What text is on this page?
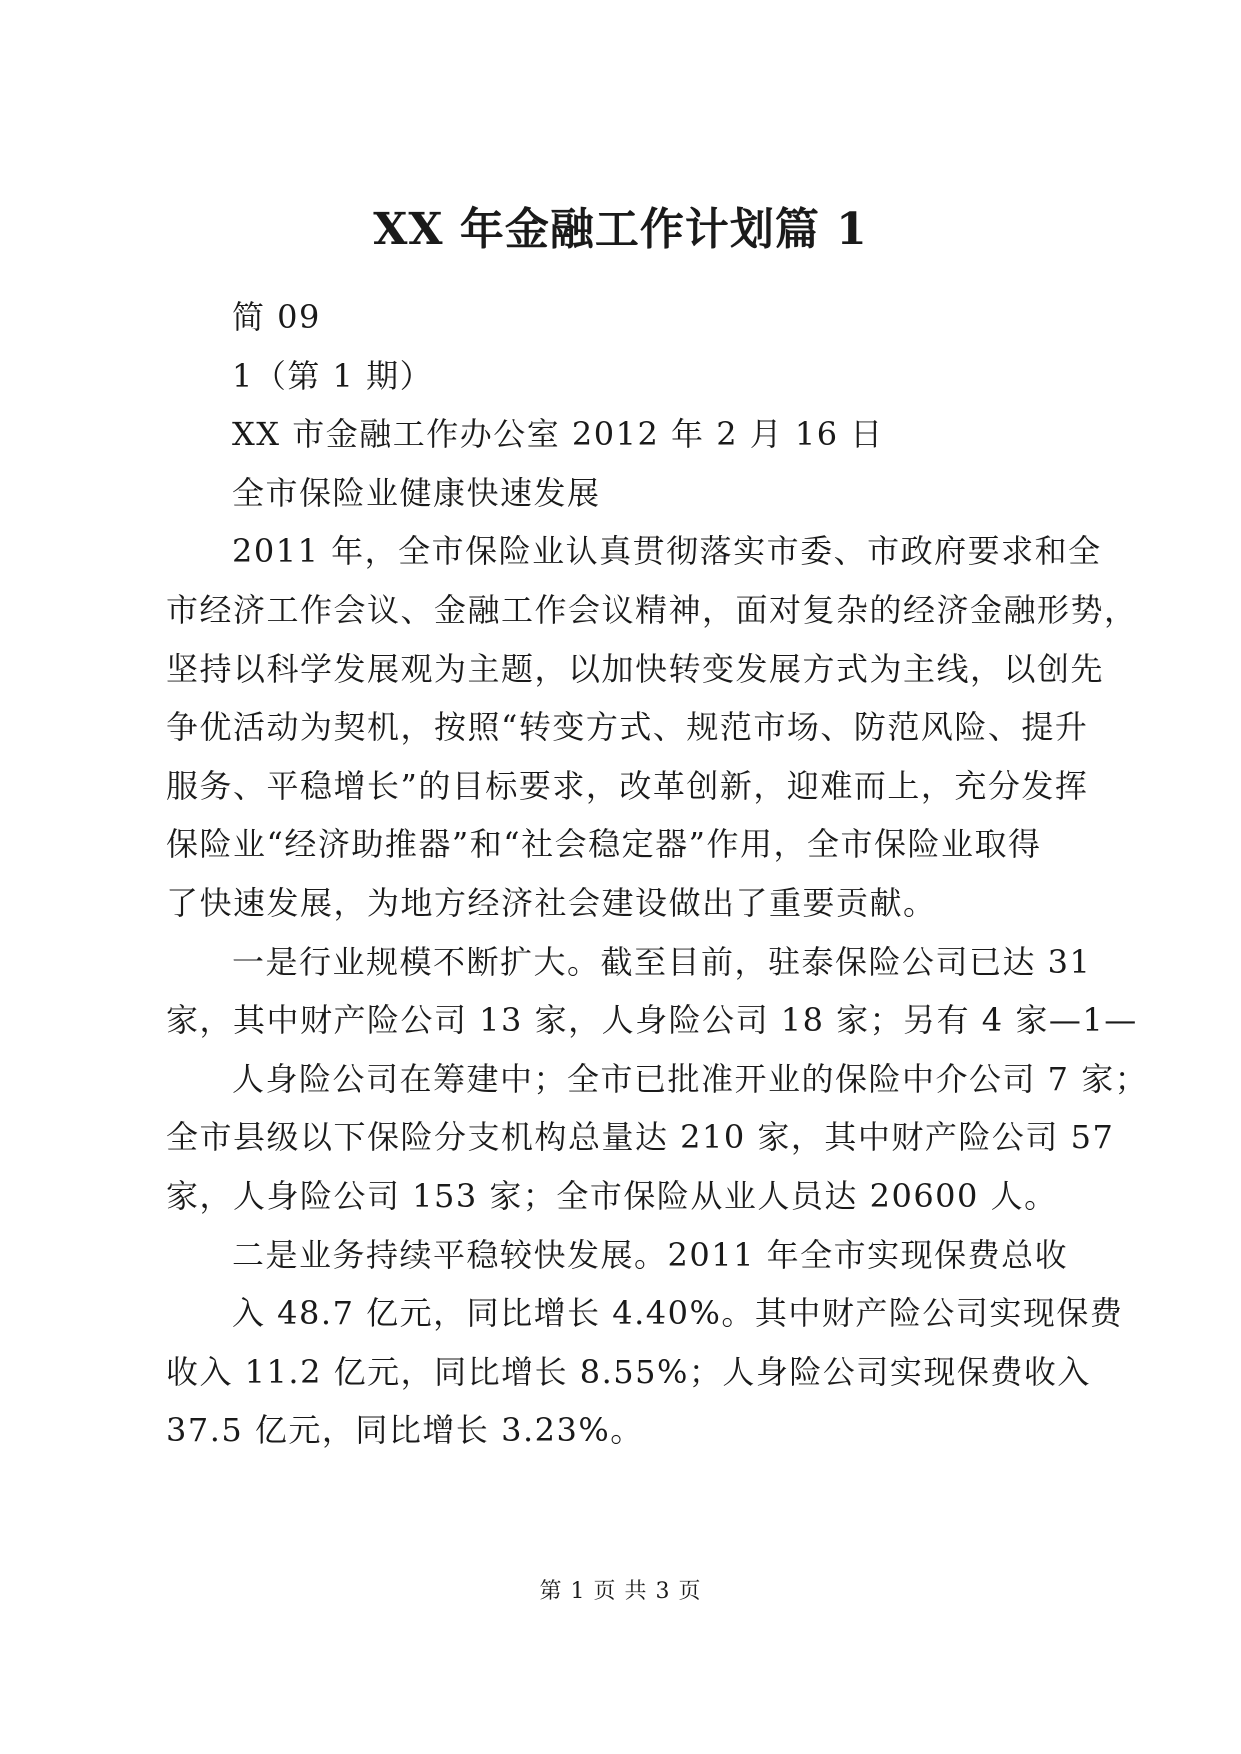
XX 年金融工作计划篇 1
简 09
1（第 1 期）
XX 市金融工作办公室 2012 年 2 月 16 日
全市保险业健康快速发展
2011 年，全市保险业认真贯彻落实市委、市政府要求和全
市经济工作会议、金融工作会议精神，面对复杂的经济金融形势，
坚持以科学发展观为主题，以加快转变发展方式为主线，以创先
争优活动为契机，按照“转变方式、规范市场、防范风险、提升
服务、平稳增长”的目标要求，改革创新，迎难而上，充分发挥
保险业“经济助推器”和“社会稳定器”作用，全市保险业取得
了快速发展，为地方经济社会建设做出了重要贡献。
一是行业规模不断扩大。截至目前，驻泰保险公司已达 31
家，其中财产险公司 13 家，人身险公司 18 家；另有 4 家—1—
人身险公司在筹建中；全市已批准开业的保险中介公司 7 家；
全市县级以下保险分支机构总量达 210 家，其中财产险公司 57
家，人身险公司 153 家；全市保险从业人员达 20600 人。
二是业务持续平稳较快发展。2011 年全市实现保费总收
入 48.7 亿元，同比增长 4.40%。其中财产险公司实现保费
收入 11.2 亿元，同比增长 8.55%；人身险公司实现保费收入
37.5 亿元，同比增长 3.23%。
第 1 页 共 3 页
